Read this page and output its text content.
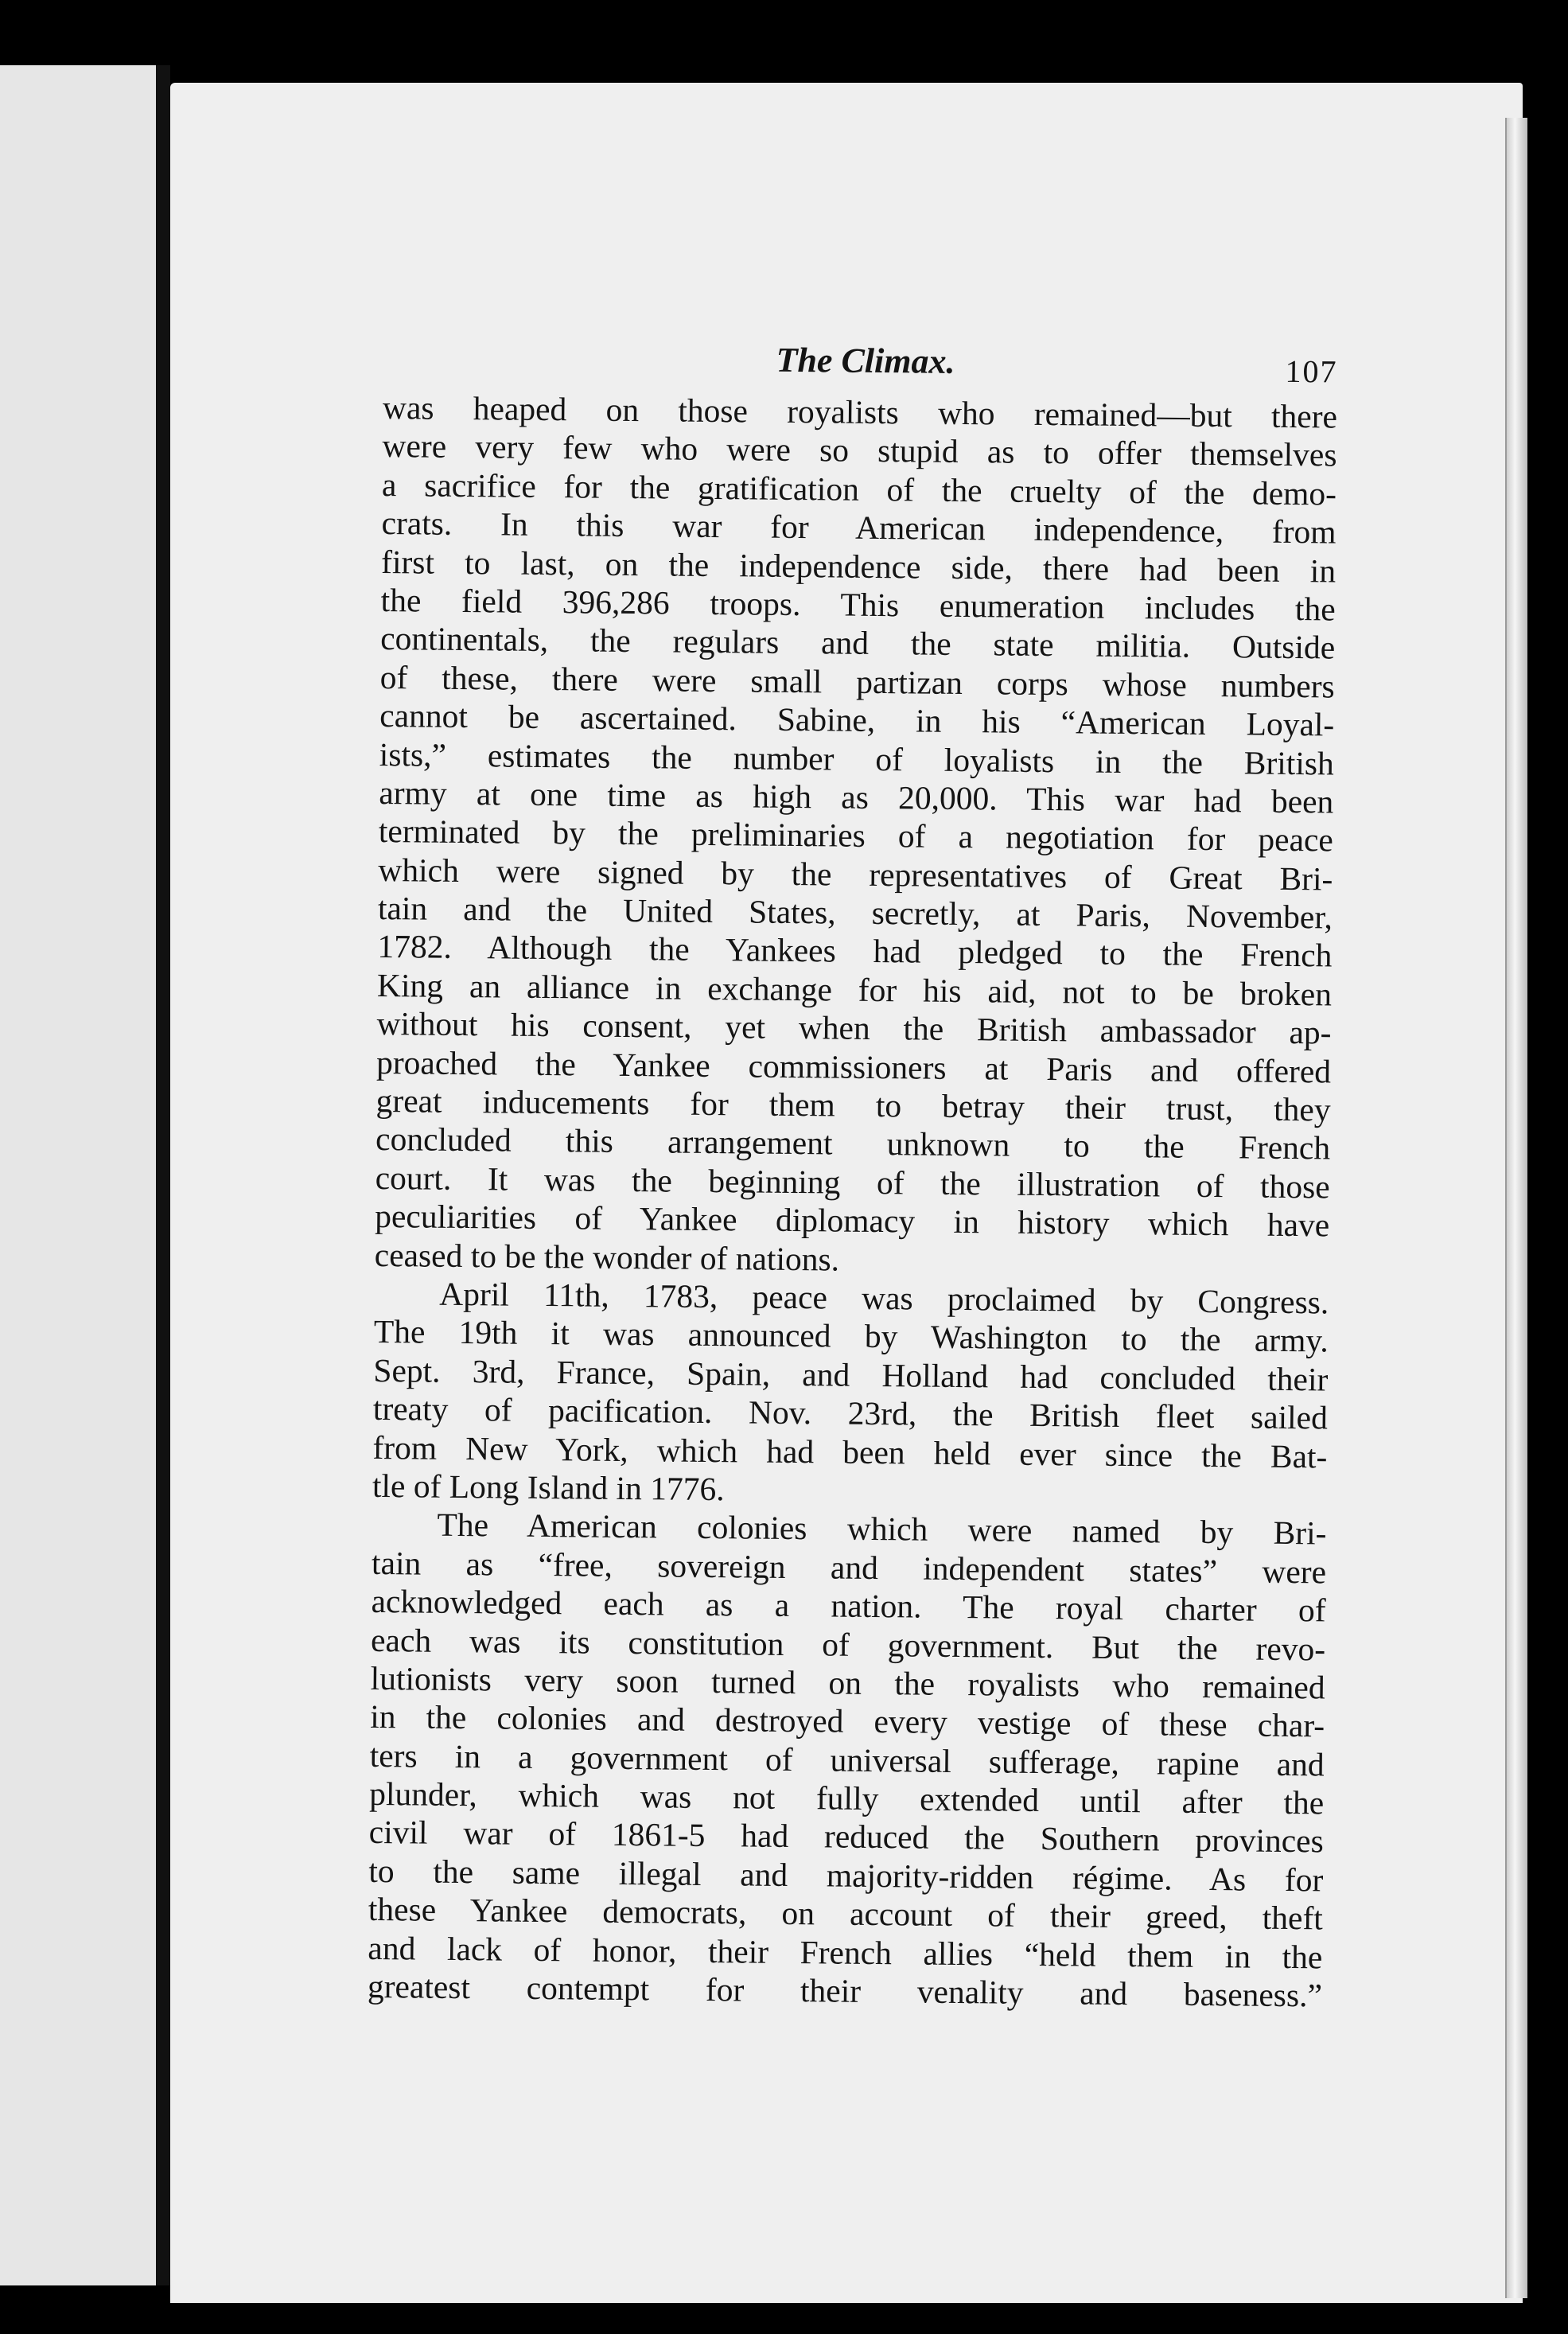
The Climax.	107
was heaped on those royalists who remained—but there
were very few who were so stupid as to offer themselves
a sacrifice for the gratification of the cruelty of the demo-
crats. In this war for American independence, from
first to last, on the independence side, there had been in
the field 396,286 troops. This enumeration includes the
continentals, the regulars and the state militia. Outside
of these, there were small partizan corps whose numbers
cannot be ascertained. Sabine, in his “American Loyal-
ists,” estimates the number of loyalists in the British
army at one time as high as 20,000. This war had been
terminated by the preliminaries of a negotiation for peace
which were signed by the representatives of Great Bri-
tain and the United States, secretly, at Paris, November,
1782. Although the Yankees had pledged to the French
King an alliance in exchange for his aid, not to be broken
without his consent, yet when the British ambassador ap-
proached the Yankee commissioners at Paris and offered
great inducements for them to betray their trust, they
concluded this arrangement unknown to the French
court. It was the beginning of the illustration of those
peculiarities of Yankee diplomacy in history which have
ceased to be the wonder of nations.
April 11th, 1783, peace was proclaimed by Congress.
The 19th it was announced by Washington to the army.
Sept. 3rd, France, Spain, and Holland had concluded their
treaty of pacification. Nov. 23rd, the British fleet sailed
from New York, which had been held ever since the Bat-
tle of Long Island in 1776.
The American colonies which were named by Bri-
tain as “free, sovereign and independent states” were
acknowledged each as a nation. The royal charter of
each was its constitution of government. But the revo-
lutionists very soon turned on the royalists who remained
in the colonies and destroyed every vestige of these char-
ters in a government of universal sufferage, rapine and
plunder, which was not fully extended until after the
civil war of 1861-5 had reduced the Southern provinces
to the same illegal and majority-ridden régime. As for
these Yankee democrats, on account of their greed, theft
and lack of honor, their French allies “held them in the
greatest contempt for their venality and baseness.”
